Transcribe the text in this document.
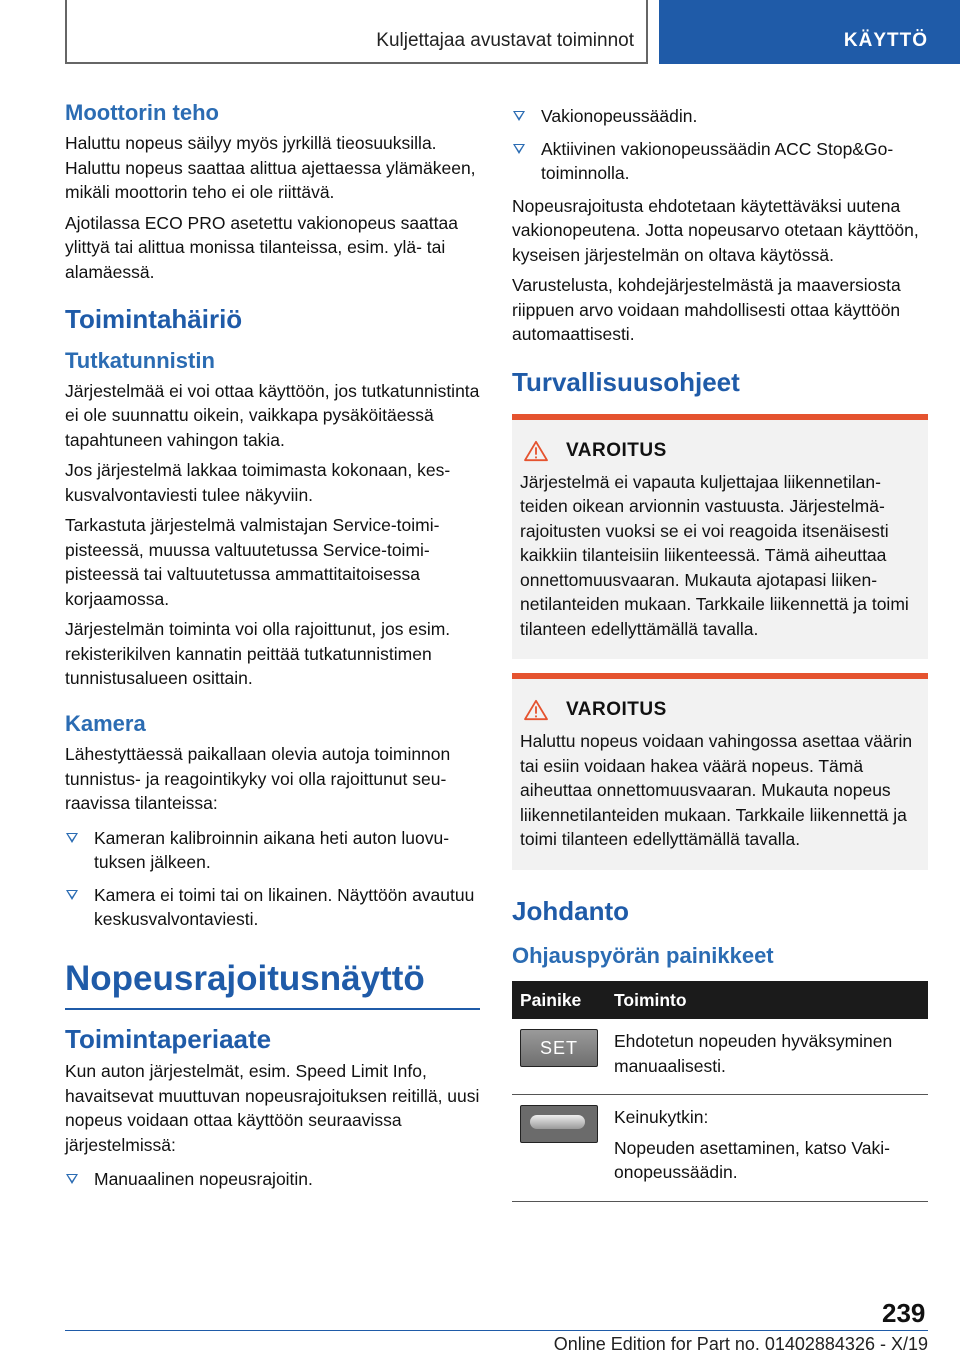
Kuljettajaa avustavat toiminnot	KÄYTTÖ
Moottorin teho

Haluttu nopeus säilyy myös jyrkillä tieosuuksilla. Haluttu nopeus saattaa alittua ajettaessa ylämäkeen, mikäli moottorin teho ei ole riittävä.

Ajotilassa ECO PRO asetettu vakionopeus saattaa ylittyä tai alittua monissa tilanteissa, esim. ylä- tai alamäessä.

Toimintahäiriö
Tutkatunnistin

Järjestelmää ei voi ottaa käyttöön, jos tutkatunnistinta ei ole suunnattu oikein, vaikkapa pysäköitäessä tapahtuneen vahingon takia.

Jos järjestelmä lakkaa toimimasta kokonaan, keskusvalvontaviesti tulee näkyviin.

Tarkastuta järjestelmä valmistajan Service-toimipisteessä, muussa valtuutetussa Service-toimipisteessä tai valtuutetussa ammattitaitoisessa korjaamossa.

Järjestelmän toiminta voi olla rajoittunut, jos esim. rekisterikilven kannatin peittää tutkatunnistimen tunnistusalueen osittain.

Kamera

Lähestyttäessä paikallaan olevia autoja toiminnon tunnistus- ja reagointikyky voi olla rajoittunut seuraavissa tilanteissa:

Kameran kalibroinnin aikana heti auton luovutuksen jälkeen.
Kamera ei toimi tai on likainen. Näyttöön avautuu keskusvalvontaviesti.
Nopeusrajoitusnäyttö
Toimintaperiaate

Kun auton järjestelmät, esim. Speed Limit Info, havaitsevat muuttuvan nopeusrajoituksen reitillä, uusi nopeus voidaan ottaa käyttöön seuraavissa järjestelmissä:

Manuaalinen nopeusrajoitin.
Vakionopeussäädin.
Aktiivinen vakionopeussäädin ACC Stop&Go-toiminnolla.

Nopeusrajoitusta ehdotetaan käytettäväksi uutena vakionopeutena. Jotta nopeusarvo otetaan käyttöön, kyseisen järjestelmän on oltava käytössä.

Varustelusta, kohdejärjestelmästä ja maaversiosta riippuen arvo voidaan mahdollisesti ottaa käyttöön automaattisesti.

Turvallisuusohjeet
VAROITUS

Järjestelmä ei vapauta kuljettajaa liikennetilanteiden oikean arvionnin vastuusta. Järjestelmärajoitusten vuoksi se ei voi reagoida itsenäisesti kaikkiin tilanteisiin liikenteessä. Tämä aiheuttaa onnettomuusvaaran. Mukauta ajotapasi liikennetilanteiden mukaan. Tarkkaile liikennettä ja toimi tilanteen edellyttämällä tavalla.

VAROITUS

Haluttu nopeus voidaan vahingossa asettaa väärin tai esiin voidaan hakea väärä nopeus. Tämä aiheuttaa onnettomuusvaaran. Mukauta nopeus liikennetilanteiden mukaan. Tarkkaile liikennettä ja toimi tilanteen edellyttämällä tavalla.

Johdanto
Ohjauspyörän painikkeet
Painike	Toiminto

SET	Ehdotetun nopeuden hyväksyminen manuaalisesti.

	Keinukytkin:

Nopeuden asettaminen, katso Vakionopeussäädin.

239
Online Edition for Part no. 01402884326 - X/19
